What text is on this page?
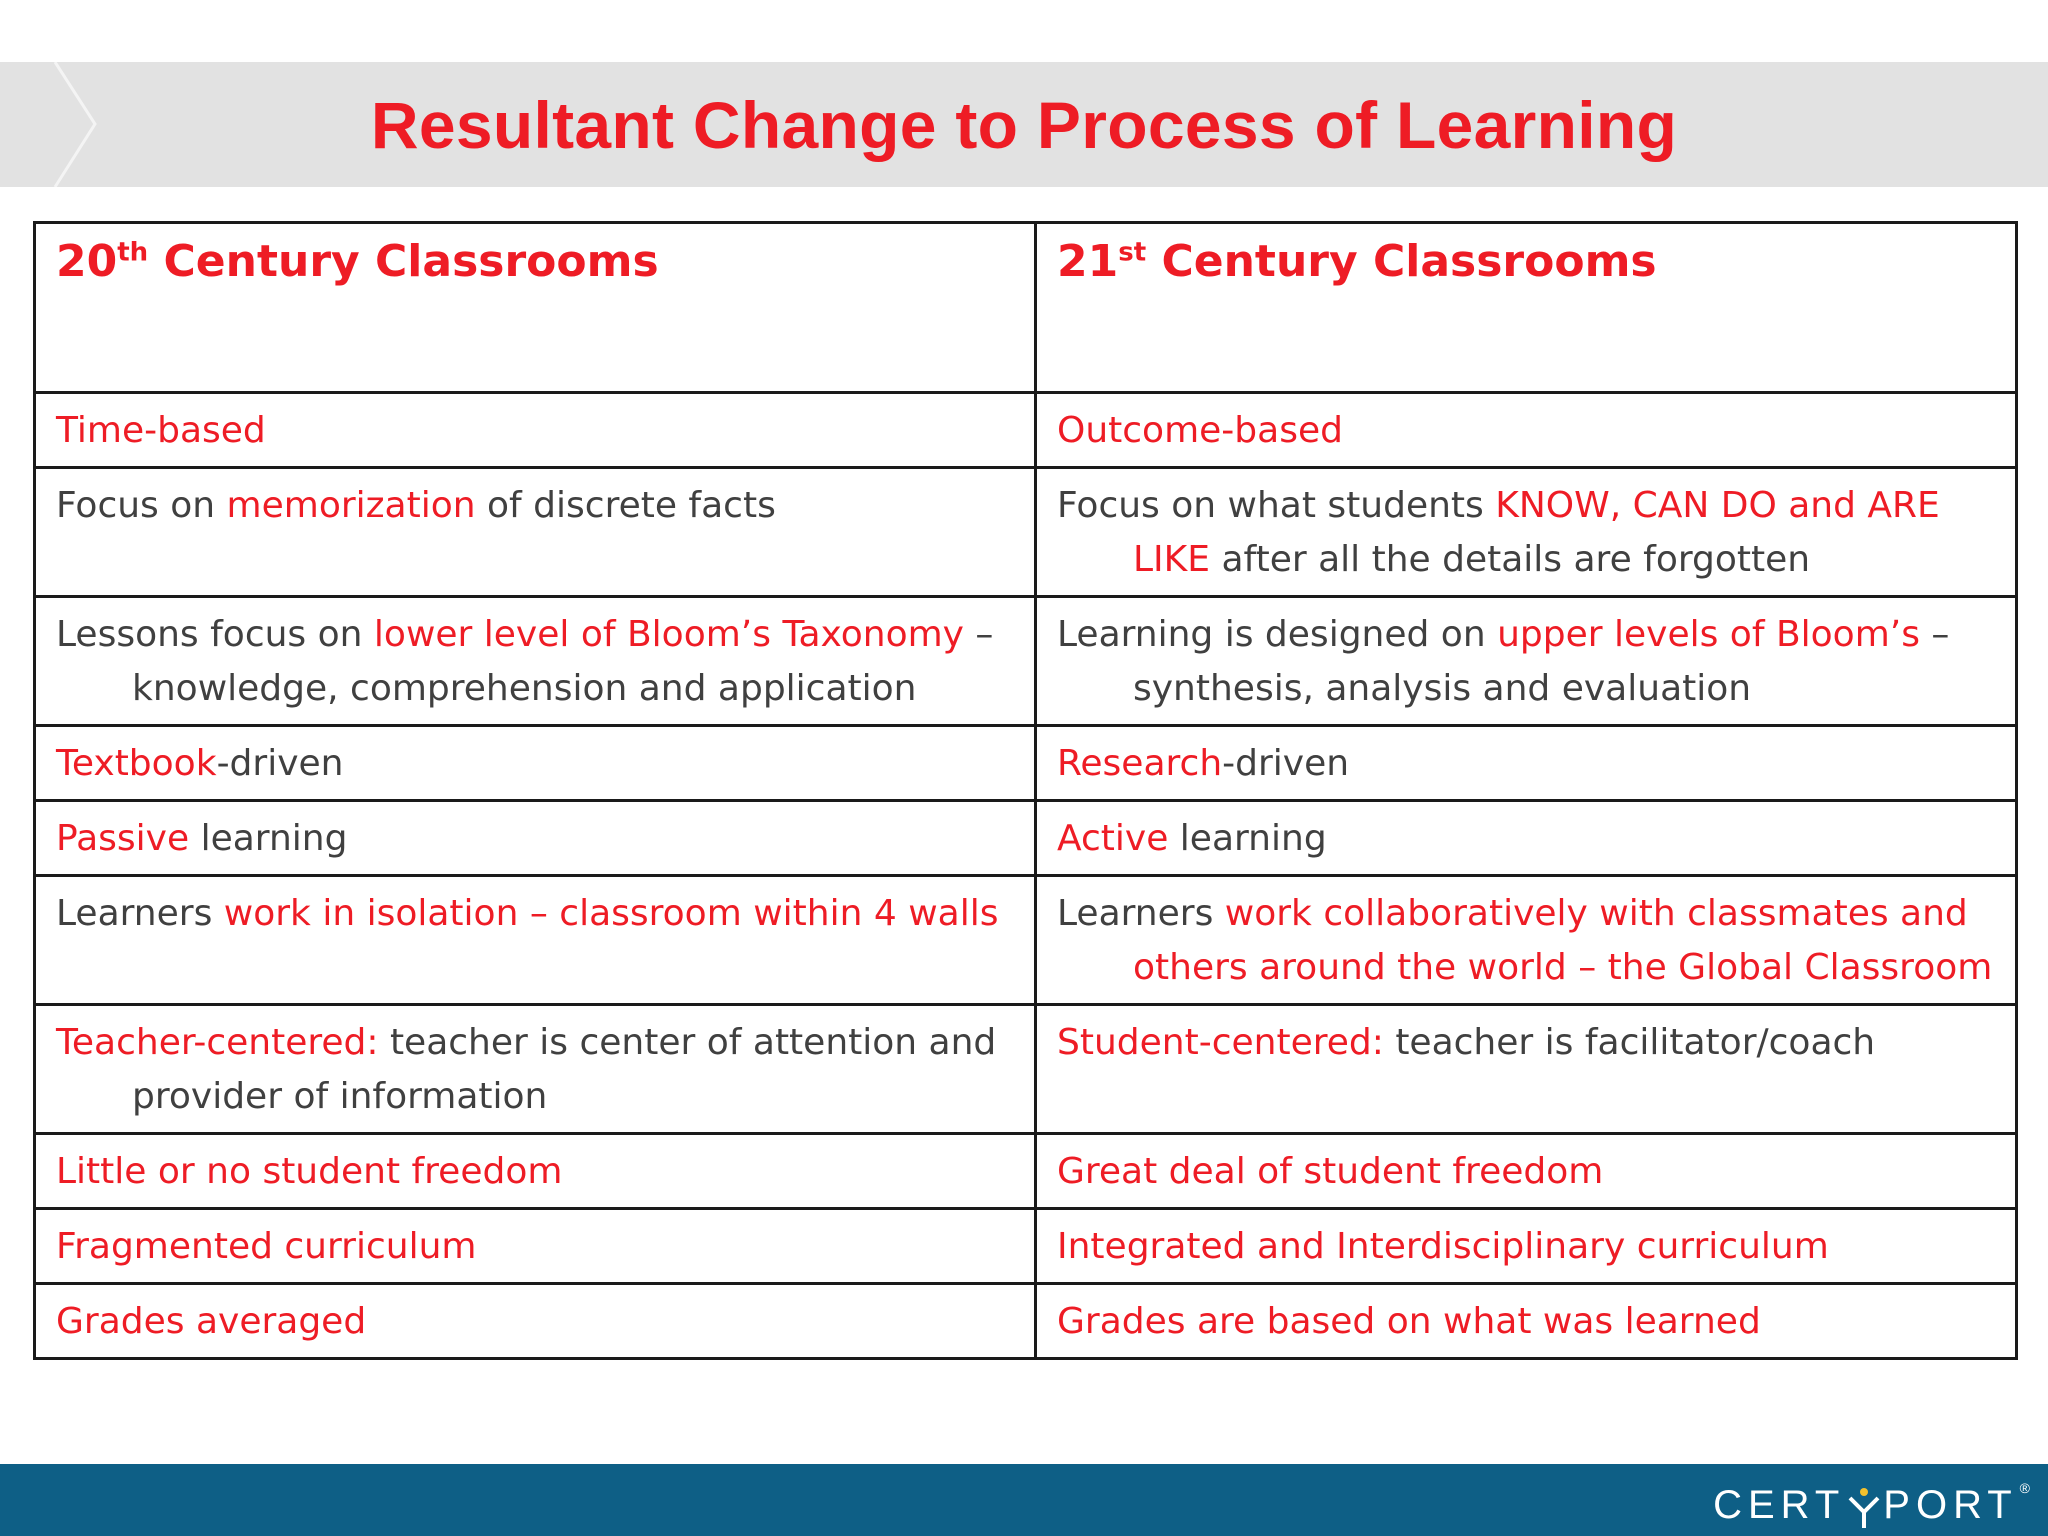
Resultant Change to Process of Learning
20th Century Classrooms	21st Century Classrooms

Time-based	Outcome-based

Focus on memorization of discrete facts	Focus on what students KNOW, CAN DO and ARE LIKE after all the details are forgotten

Lessons focus on lower level of Bloom’s Taxonomy – knowledge, comprehension and application	Learning is designed on upper levels of Bloom’s – synthesis, analysis and evaluation

Textbook-driven	Research-driven

Passive learning	Active learning

Learners work in isolation – classroom within 4 walls	Learners work collaboratively with classmates and others around the world – the Global Classroom

Teacher-centered: teacher is center of attention and provider of information	Student-centered: teacher is facilitator/coach

Little or no student freedom	Great deal of student freedom

Fragmented curriculum	Integrated and Interdisciplinary curriculum

Grades averaged	Grades are based on what was learned
CERT PORT®
